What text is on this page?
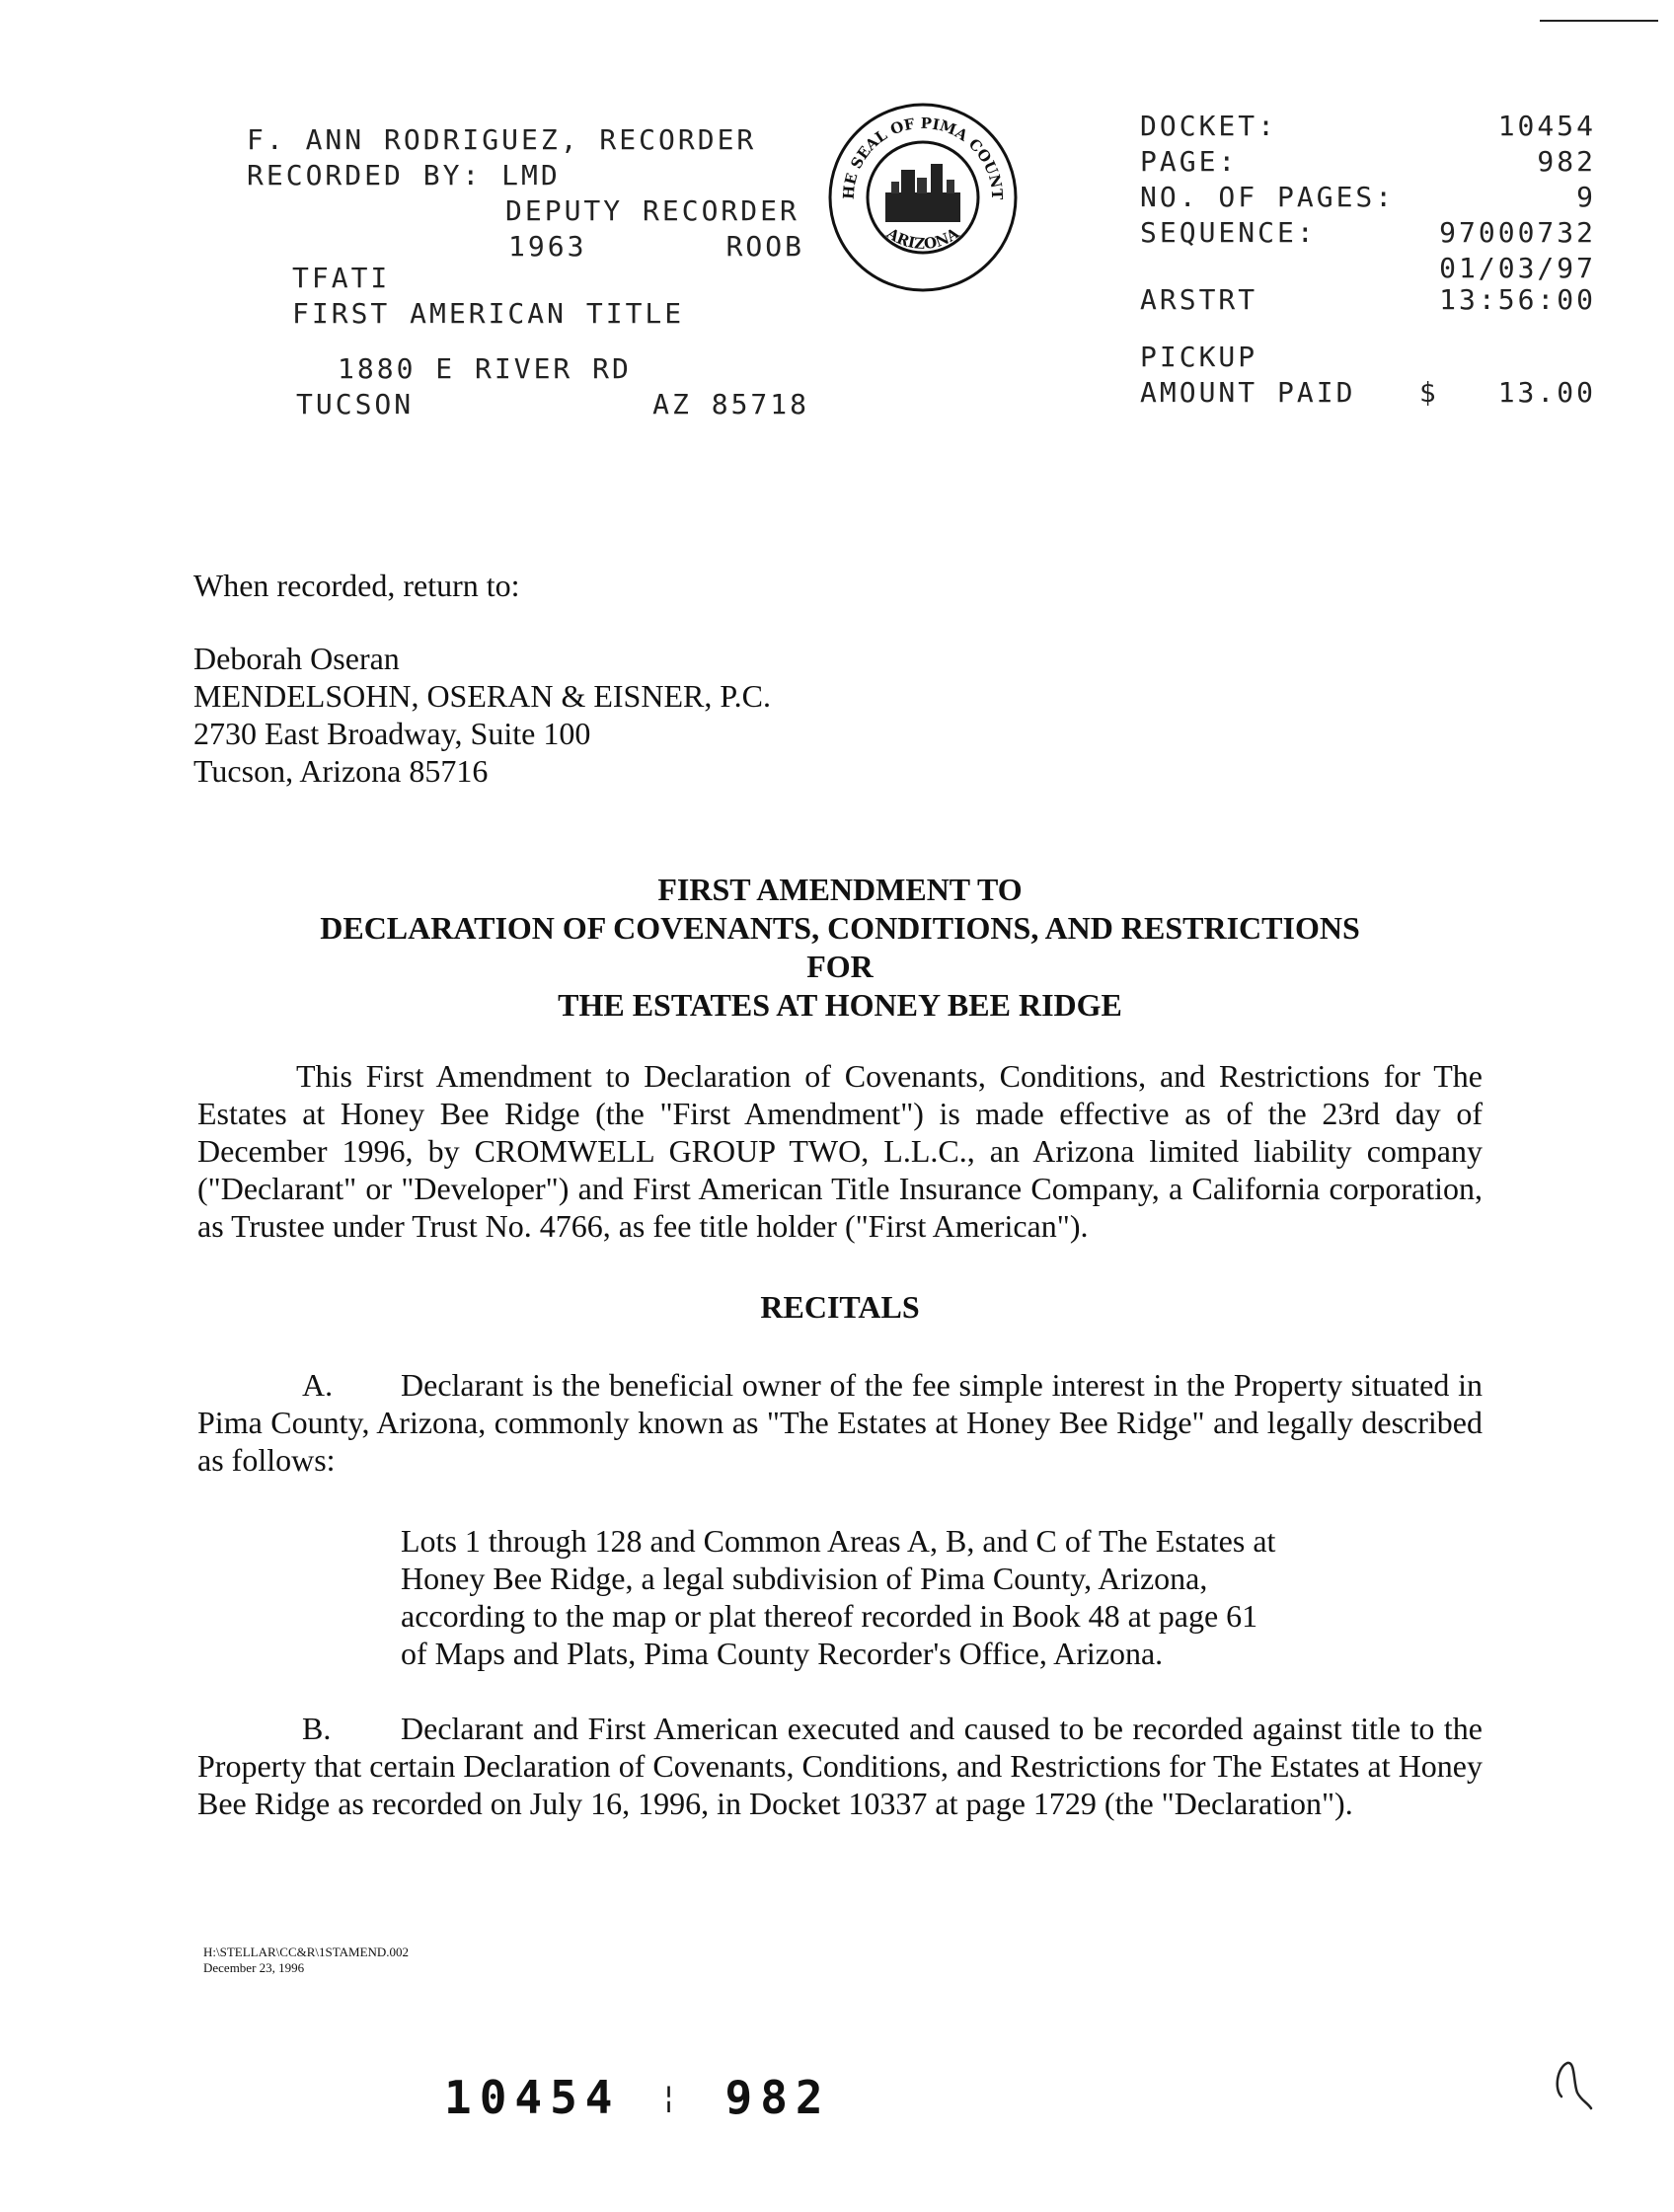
F. ANN RODRIGUEZ, RECORDER
RECORDED BY: LMD
DEPUTY RECORDER
1963	ROOB
TFATI
FIRST AMERICAN TITLE
1880 E RIVER RD
TUCSON	AZ 85718
HE SEAL OF PIMA COUNT
ARIZONA
DOCKET:	10454
PAGE:	982
NO. OF PAGES:	9
SEQUENCE:	97000732
01/03/97
ARSTRT	13:56:00
PICKUP
AMOUNT PAID $ 13.00
When recorded, return to:
Deborah Oseran
MENDELSOHN, OSERAN & EISNER, P.C.
2730 East Broadway, Suite 100
Tucson, Arizona 85716
FIRST AMENDMENT TO
DECLARATION OF COVENANTS, CONDITIONS, AND RESTRICTIONS
FOR
THE ESTATES AT HONEY BEE RIDGE
This First Amendment to Declaration of Covenants, Conditions, and Restrictions for The Estates at Honey Bee Ridge (the "First Amendment") is made effective as of the 23rd day of December 1996, by CROMWELL GROUP TWO, L.L.C., an Arizona limited liability company ("Declarant" or "Developer") and First American Title Insurance Company, a California corporation, as Trustee under Trust No. 4766, as fee title holder ("First American").
RECITALS
A. Declarant is the beneficial owner of the fee simple interest in the Property situated in Pima County, Arizona, commonly known as "The Estates at Honey Bee Ridge" and legally described as follows:
Lots 1 through 128 and Common Areas A, B, and C of The Estates at Honey Bee Ridge, a legal subdivision of Pima County, Arizona, according to the map or plat thereof recorded in Book 48 at page 61 of Maps and Plats, Pima County Recorder's Office, Arizona.
B. Declarant and First American executed and caused to be recorded against title to the Property that certain Declaration of Covenants, Conditions, and Restrictions for The Estates at Honey Bee Ridge as recorded on July 16, 1996, in Docket 10337 at page 1729 (the "Declaration").
H:\STELLAR\CC&R\1STAMEND.002
December 23, 1996
10454 ¦ 982
